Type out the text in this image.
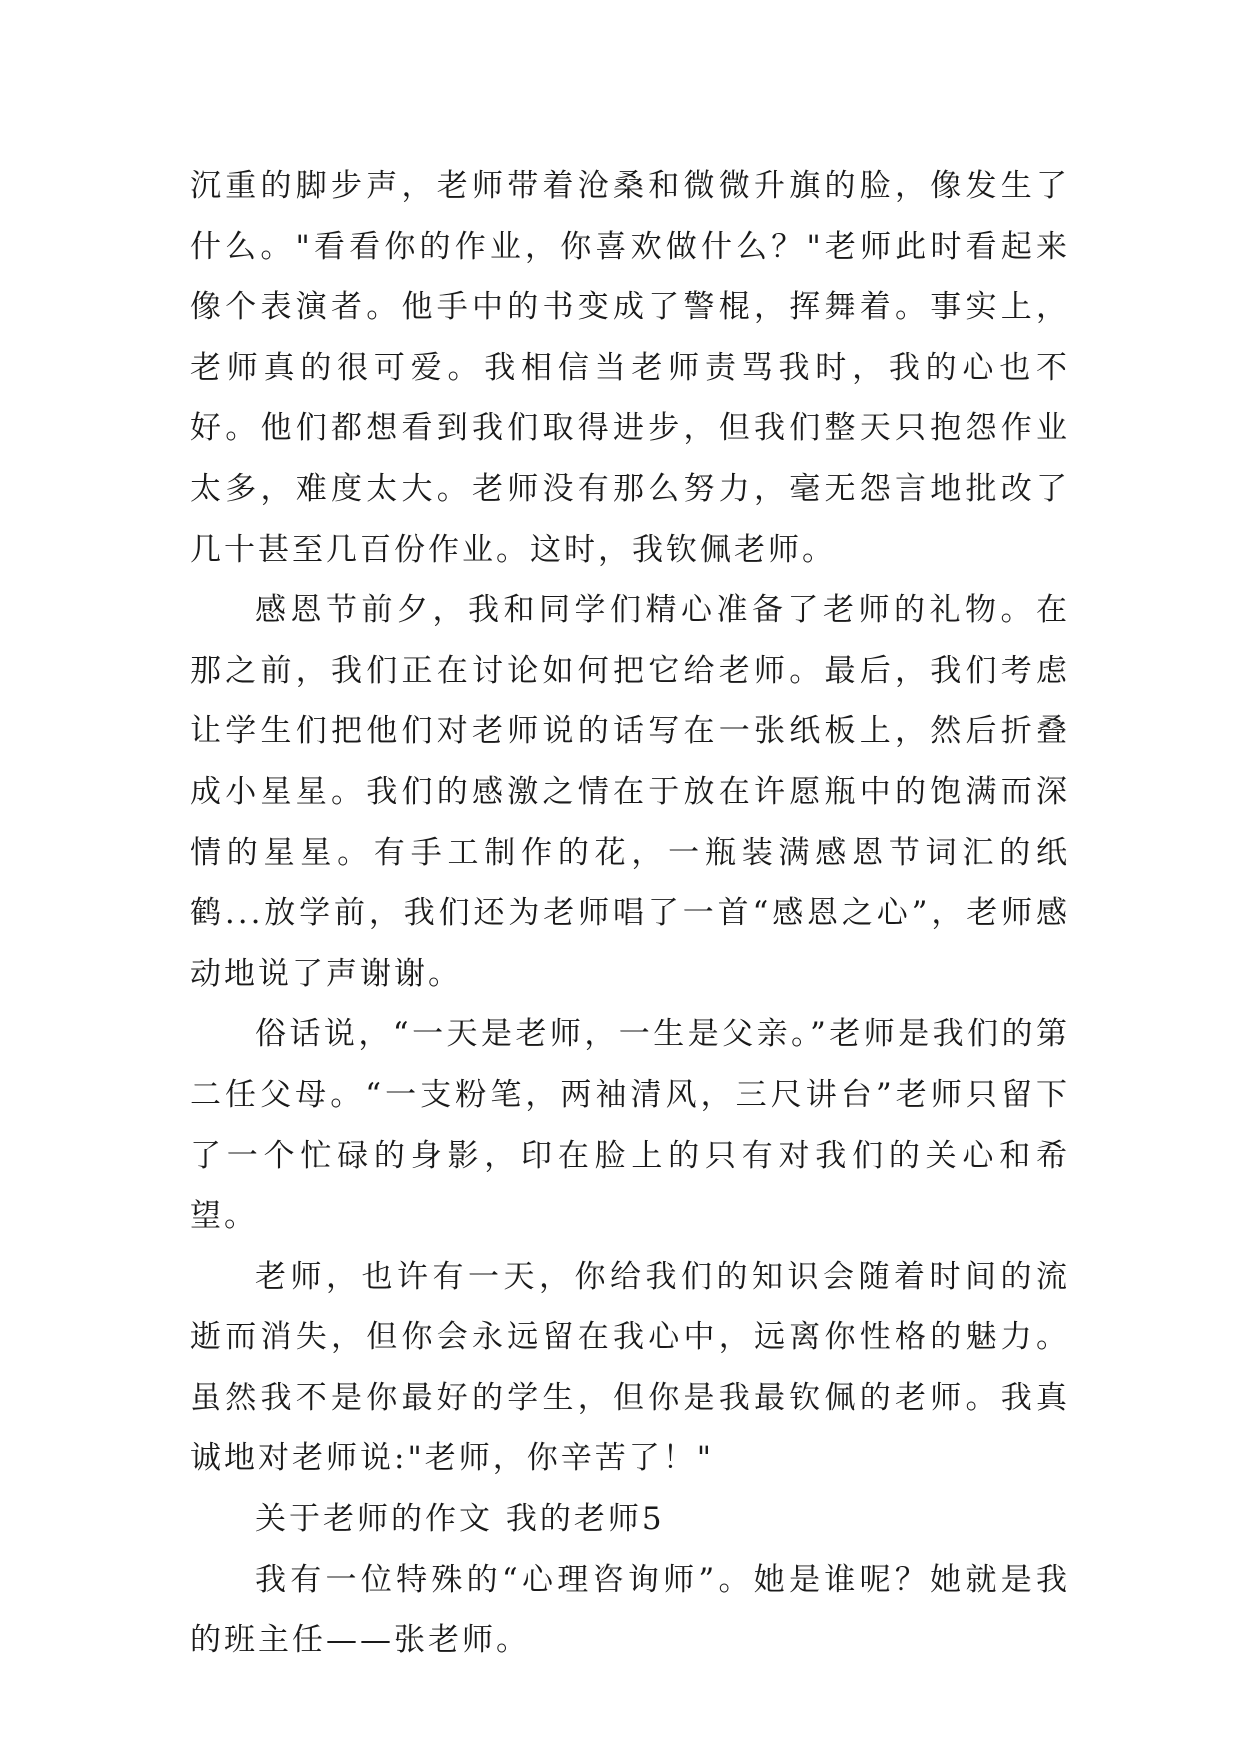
沉重的脚步声，老师带着沧桑和微微升旗的脸，像发生了什么。"看看你的作业，你喜欢做什么？"老师此时看起来像个表演者。他手中的书变成了警棍，挥舞着。事实上，老师真的很可爱。我相信当老师责骂我时，我的心也不好。他们都想看到我们取得进步，但我们整天只抱怨作业太多，难度太大。老师没有那么努力，毫无怨言地批改了几十甚至几百份作业。这时，我钦佩老师。

感恩节前夕，我和同学们精心准备了老师的礼物。在那之前，我们正在讨论如何把它给老师。最后，我们考虑让学生们把他们对老师说的话写在一张纸板上，然后折叠成小星星。我们的感激之情在于放在许愿瓶中的饱满而深情的星星。有手工制作的花，一瓶装满感恩节词汇的纸鹤...放学前，我们还为老师唱了一首“感恩之心”，老师感动地说了声谢谢。

俗话说，“一天是老师，一生是父亲。”老师是我们的第二任父母。“一支粉笔，两袖清风，三尺讲台”老师只留下了一个忙碌的身影，印在脸上的只有对我们的关心和希望。

老师，也许有一天，你给我们的知识会随着时间的流逝而消失，但你会永远留在我心中，远离你性格的魅力。虽然我不是你最好的学生，但你是我最钦佩的老师。我真诚地对老师说:"老师，你辛苦了！"

关于老师的作文 我的老师5

我有一位特殊的“心理咨询师”。她是谁呢？她就是我的班主任——张老师。
